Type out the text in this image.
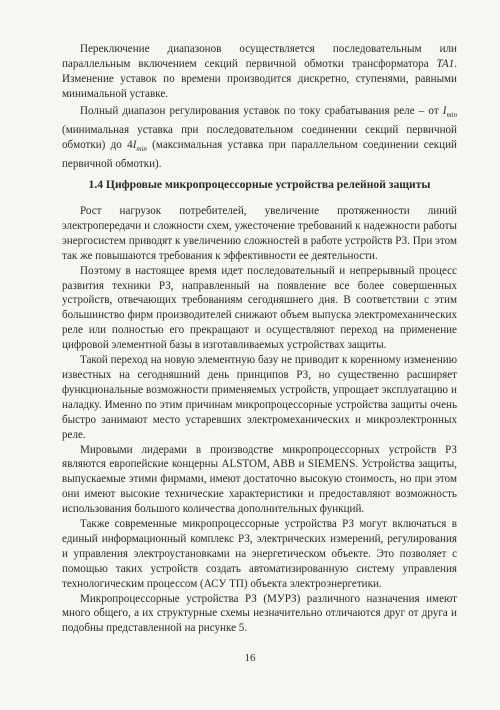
Переключение диапазонов осуществляется последовательным или параллельным включением секций первичной обмотки трансформатора TA1. Изменение уставок по времени производится дискретно, ступенями, равными минимальной уставке.

Полный диапазон регулирования уставок по току срабатывания реле – от $I_{min}$ (минимальная уставка при последовательном соединении секций первичной обмотки) до $4I_{min}$ (максимальная уставка при параллельном соединении секций первичной обмотки).

1.4 Цифровые микропроцессорные устройства релейной защиты

Рост нагрузок потребителей, увеличение протяженности линий электропередачи и сложности схем, ужесточение требований к надежности работы энергосистем приводят к увеличению сложностей в работе устройств РЗ. При этом так же повышаются требования к эффективности ее деятельности.

Поэтому в настоящее время идет последовательный и непрерывный процесс развития техники РЗ, направленный на появление все более совершенных устройств, отвечающих требованиям сегодняшнего дня. В соответствии с этим большинство фирм производителей снижают объем выпуска электромеханических реле или полностью его прекращают и осуществляют переход на применение цифровой элементной базы в изготавливаемых устройствах защиты.

Такой переход на новую элементную базу не приводит к коренному изменению известных на сегодняшний день принципов РЗ, но существенно расширяет функциональные возможности применяемых устройств, упрощает эксплуатацию и наладку. Именно по этим причинам микропроцессорные устройства защиты очень быстро занимают место устаревших электромеханических и микроэлектронных реле.

Мировыми лидерами в производстве микропроцессорных устройств РЗ являются европейские концерны ALSTOM, ABB и SIEMENS. Устройства защиты, выпускаемые этими фирмами, имеют достаточно высокую стоимость, но при этом они имеют высокие технические характеристики и предоставляют возможность использования большого количества дополнительных функций.

Также современные микропроцессорные устройства РЗ могут включаться в единый информационный комплекс РЗ, электрических измерений, регулирования и управления электроустановками на энергетическом объекте. Это позволяет с помощью таких устройств создать автоматизированную систему управления технологическим процессом (АСУ ТП) объекта электроэнергетики.

Микропроцессорные устройства РЗ (МУРЗ) различного назначения имеют много общего, а их структурные схемы незначительно отличаются друг от друга и подобны представленной на рисунке 5.

16
